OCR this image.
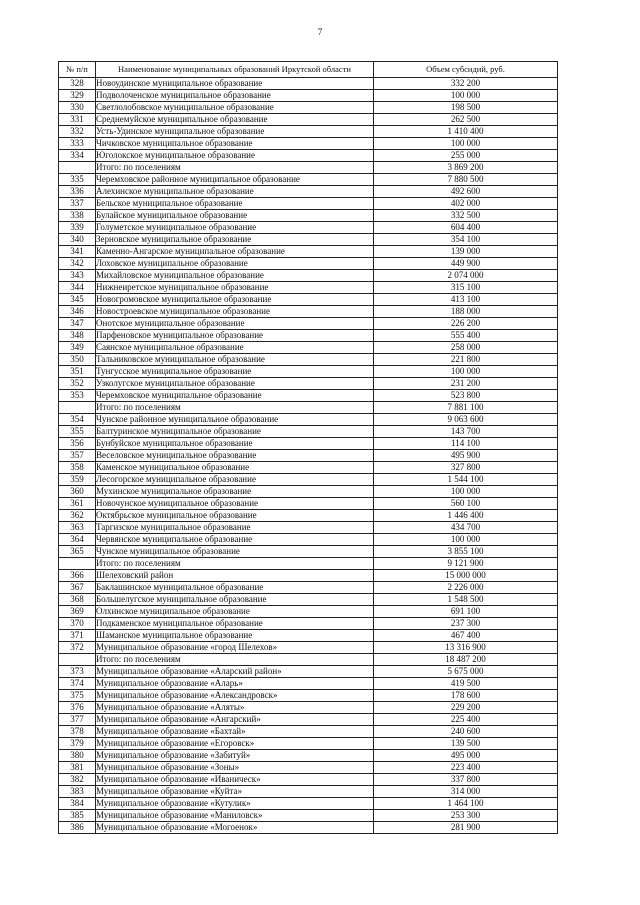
7
№ п/п	Наименование муниципальных образований Иркутской области	Объем субсидий, руб.
328	Новоудинское муниципальное образование	332 200
329	Подволоченское муниципальное образование	100 000
330	Светлолобовское муниципальное образование	198 500
331	Среднемуйское муниципальное образование	262 500
332	Усть-Удинское муниципальное образование	1 410 400
333	Чичковское муниципальное образование	100 000
334	Юголокское муниципальное образование	255 000
	Итого: по поселениям	3 869 200
335	Черемховское районное муниципальное образование	7 880 500
336	Алехинское муниципальное образование	492 600
337	Бельское муниципальное образование	402 000
338	Булайское муниципальное образование	332 500
339	Голуметское муниципальное образование	604 400
340	Зерновское муниципальное образование	354 100
341	Каменно-Ангарское муниципальное образование	139 000
342	Лоховское муниципальное образование	449 900
343	Михайловское муниципальное образование	2 074 000
344	Нижнеиретское муниципальное образование	315 100
345	Новогромовское муниципальное образование	413 100
346	Новостроевское муниципальное образование	188 000
347	Онотское муниципальное образование	226 200
348	Парфеновское муниципальное образование	555 400
349	Саянское муниципальное образование	258 000
350	Тальниковское муниципальное образование	221 800
351	Тунгусское муниципальное образование	100 000
352	Узколугское муниципальное образование	231 200
353	Черемховское муниципальное образование	523 800
	Итого: по поселениям	7 881 100
354	Чунское районное муниципальное образование	9 063 600
355	Балтуринское муниципальное образование	143 700
356	Бунбуйское муниципальное образование	114 100
357	Веселовское муниципальное образование	495 900
358	Каменское муниципальное образование	327 800
359	Лесогорское муниципальное образование	1 544 100
360	Мухинское муниципальное образование	100 000
361	Новочунское муниципальное образование	560 100
362	Октябрьское муниципальное образование	1 446 400
363	Таргизское муниципальное образование	434 700
364	Червянское муниципальное образование	100 000
365	Чунское муниципальное образование	3 855 100
	Итого: по поселениям	9 121 900
366	Шелеховский район	15 000 000
367	Баклашинское муниципальное образование	2 226 000
368	Большелугское муниципальное образование	1 548 500
369	Олхинское муниципальное образование	691 100
370	Подкаменское муниципальное образование	237 300
371	Шаманское муниципальное образование	467 400
372	Муниципальное образование «город Шелехов»	13 316 900
	Итого: по поселениям	18 487 200
373	Муниципальное образование «Аларский район»	5 675 000
374	Муниципальное образование «Аларь»	419 500
375	Муниципальное образование «Александровск»	178 600
376	Муниципальное образование «Аляты»	229 200
377	Муниципальное образование «Ангарский»	225 400
378	Муниципальное образование «Бахтай»	240 600
379	Муниципальное образование «Егоровск»	139 500
380	Муниципальное образование «Забитуй»	495 000
381	Муниципальное образование «Зоны»	223 400
382	Муниципальное образование «Иваническ»	337 800
383	Муниципальное образование «Куйта»	314 000
384	Муниципальное образование «Кутулик»	1 464 100
385	Муниципальное образование «Маниловск»	253 300
386	Муниципальное образование «Могоенок»	281 900
